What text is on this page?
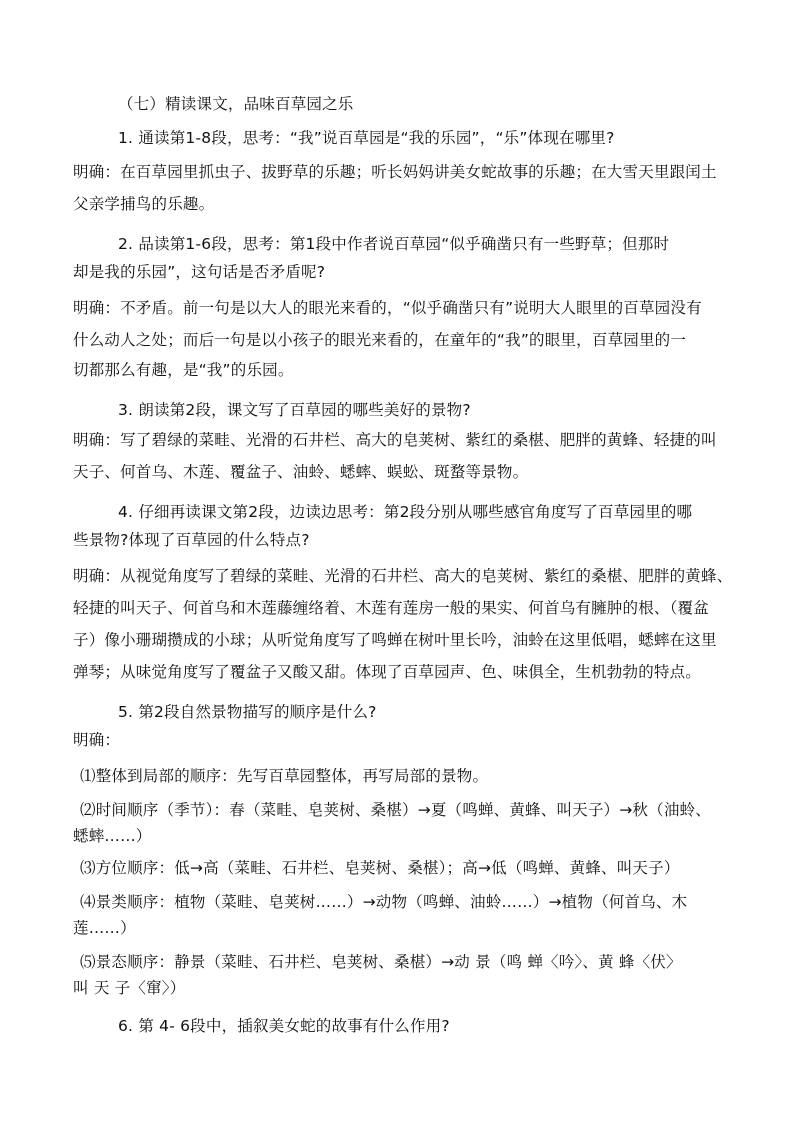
（七）精读课文，品味百草园之乐
1. 通读第1-8段，思考：“我”说百草园是“我的乐园”，“乐”体现在哪里?
明确：在百草园里抓虫子、拔野草的乐趣；听长妈妈讲美女蛇故事的乐趣；在大雪天里跟闰土
父亲学捕鸟的乐趣。
2. 品读第1-6段，思考：第1段中作者说百草园“似乎确凿只有一些野草；但那时
却是我的乐园”，这句话是否矛盾呢?
明确：不矛盾。前一句是以大人的眼光来看的，“似乎确凿只有”说明大人眼里的百草园没有
什么动人之处；而后一句是以小孩子的眼光来看的，在童年的“我”的眼里，百草园里的一
切都那么有趣，是“我”的乐园。
3. 朗读第2段，课文写了百草园的哪些美好的景物?
明确：写了碧绿的菜畦、光滑的石井栏、高大的皂荚树、紫红的桑椹、肥胖的黄蜂、轻捷的叫
天子、何首乌、木莲、覆盆子、油蛉、蟋蟀、蜈蚣、斑蝥等景物。
4. 仔细再读课文第2段，边读边思考：第2段分别从哪些感官角度写了百草园里的哪
些景物?体现了百草园的什么特点?
明确：从视觉角度写了碧绿的菜畦、光滑的石井栏、高大的皂荚树、紫红的桑椹、肥胖的黄蜂、
轻捷的叫天子、何首乌和木莲藤缠络着、木莲有莲房一般的果实、何首乌有臃肿的根、（覆盆
子）像小珊瑚攒成的小球；从听觉角度写了鸣蝉在树叶里长吟，油蛉在这里低唱，蟋蟀在这里
弹琴；从味觉角度写了覆盆子又酸又甜。体现了百草园声、色、味俱全，生机勃勃的特点。
5. 第2段自然景物描写的顺序是什么?
明确：
⑴整体到局部的顺序：先写百草园整体，再写局部的景物。
⑵时间顺序（季节）：春（菜畦、皂荚树、桑椹）→夏（鸣蝉、黄蜂、叫天子）→秋（油蛉、
蟋蟀……）
⑶方位顺序：低→高（菜畦、石井栏、皂荚树、桑椹）；高→低（鸣蝉、黄蜂、叫天子）
⑷景类顺序：植物（菜畦、皂荚树……）→动物（鸣蝉、油蛉……）→植物（何首乌、木
莲……）
⑸景态顺序：静景（菜畦、石井栏、皂荚树、桑椹）→动 景（鸣 蝉〈吟〉、黄 蜂〈伏〉
叫 天 子〈窜〉）
6. 第 4- 6段中，插叙美女蛇的故事有什么作用?
